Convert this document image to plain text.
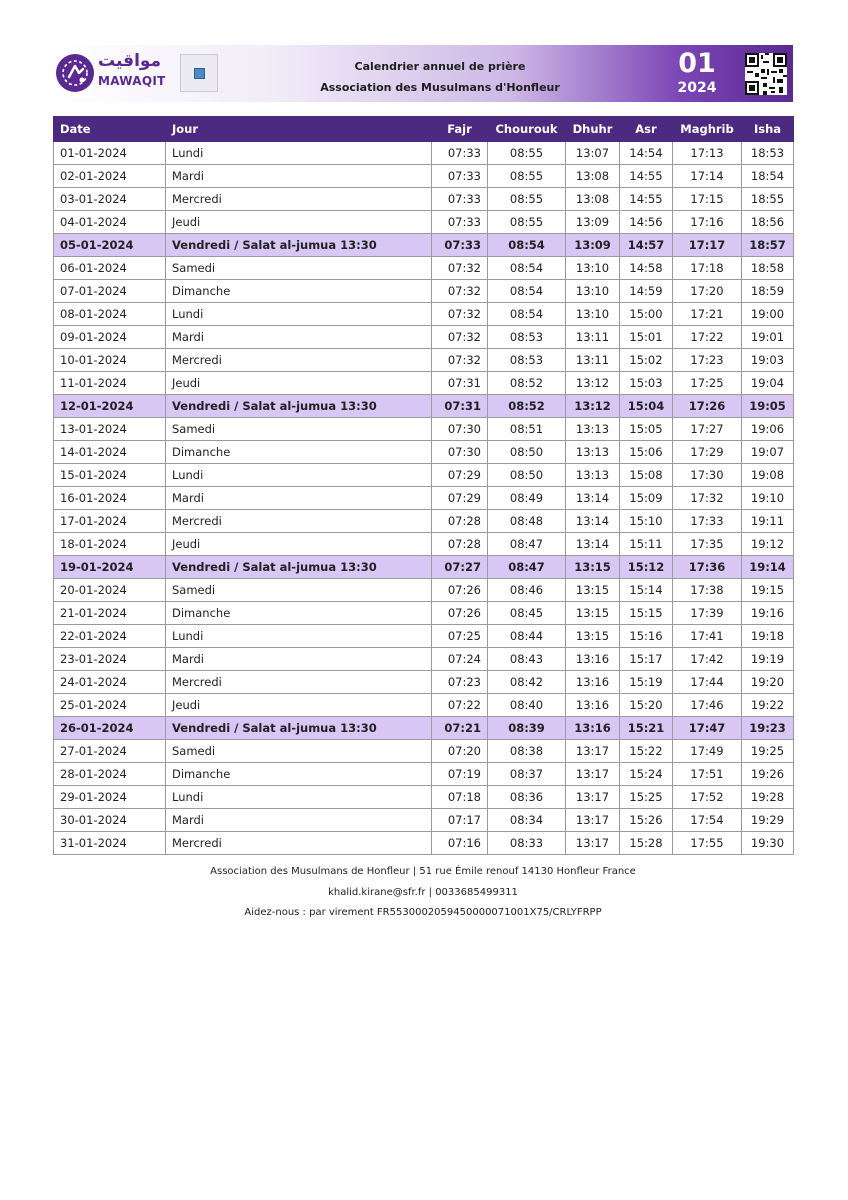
مواقيت
MAWAQIT
Calendrier annuel de prière
Association des Musulmans d'Honfleur
01
2024
Date	Jour	Fajr	Chourouk	Dhuhr	Asr	Maghrib	Isha
01-01-2024	Lundi	07:33	08:55	13:07	14:54	17:13	18:53
02-01-2024	Mardi	07:33	08:55	13:08	14:55	17:14	18:54
03-01-2024	Mercredi	07:33	08:55	13:08	14:55	17:15	18:55
04-01-2024	Jeudi	07:33	08:55	13:09	14:56	17:16	18:56
05-01-2024	Vendredi / Salat al-jumua 13:30	07:33	08:54	13:09	14:57	17:17	18:57
06-01-2024	Samedi	07:32	08:54	13:10	14:58	17:18	18:58
07-01-2024	Dimanche	07:32	08:54	13:10	14:59	17:20	18:59
08-01-2024	Lundi	07:32	08:54	13:10	15:00	17:21	19:00
09-01-2024	Mardi	07:32	08:53	13:11	15:01	17:22	19:01
10-01-2024	Mercredi	07:32	08:53	13:11	15:02	17:23	19:03
11-01-2024	Jeudi	07:31	08:52	13:12	15:03	17:25	19:04
12-01-2024	Vendredi / Salat al-jumua 13:30	07:31	08:52	13:12	15:04	17:26	19:05
13-01-2024	Samedi	07:30	08:51	13:13	15:05	17:27	19:06
14-01-2024	Dimanche	07:30	08:50	13:13	15:06	17:29	19:07
15-01-2024	Lundi	07:29	08:50	13:13	15:08	17:30	19:08
16-01-2024	Mardi	07:29	08:49	13:14	15:09	17:32	19:10
17-01-2024	Mercredi	07:28	08:48	13:14	15:10	17:33	19:11
18-01-2024	Jeudi	07:28	08:47	13:14	15:11	17:35	19:12
19-01-2024	Vendredi / Salat al-jumua 13:30	07:27	08:47	13:15	15:12	17:36	19:14
20-01-2024	Samedi	07:26	08:46	13:15	15:14	17:38	19:15
21-01-2024	Dimanche	07:26	08:45	13:15	15:15	17:39	19:16
22-01-2024	Lundi	07:25	08:44	13:15	15:16	17:41	19:18
23-01-2024	Mardi	07:24	08:43	13:16	15:17	17:42	19:19
24-01-2024	Mercredi	07:23	08:42	13:16	15:19	17:44	19:20
25-01-2024	Jeudi	07:22	08:40	13:16	15:20	17:46	19:22
26-01-2024	Vendredi / Salat al-jumua 13:30	07:21	08:39	13:16	15:21	17:47	19:23
27-01-2024	Samedi	07:20	08:38	13:17	15:22	17:49	19:25
28-01-2024	Dimanche	07:19	08:37	13:17	15:24	17:51	19:26
29-01-2024	Lundi	07:18	08:36	13:17	15:25	17:52	19:28
30-01-2024	Mardi	07:17	08:34	13:17	15:26	17:54	19:29
31-01-2024	Mercredi	07:16	08:33	13:17	15:28	17:55	19:30
Association des Musulmans de Honfleur | 51 rue Émile renouf 14130 Honfleur France
khalid.kirane@sfr.fr | 0033685499311
Aidez-nous : par virement FR5530002059450000071001X75/CRLYFRPP
